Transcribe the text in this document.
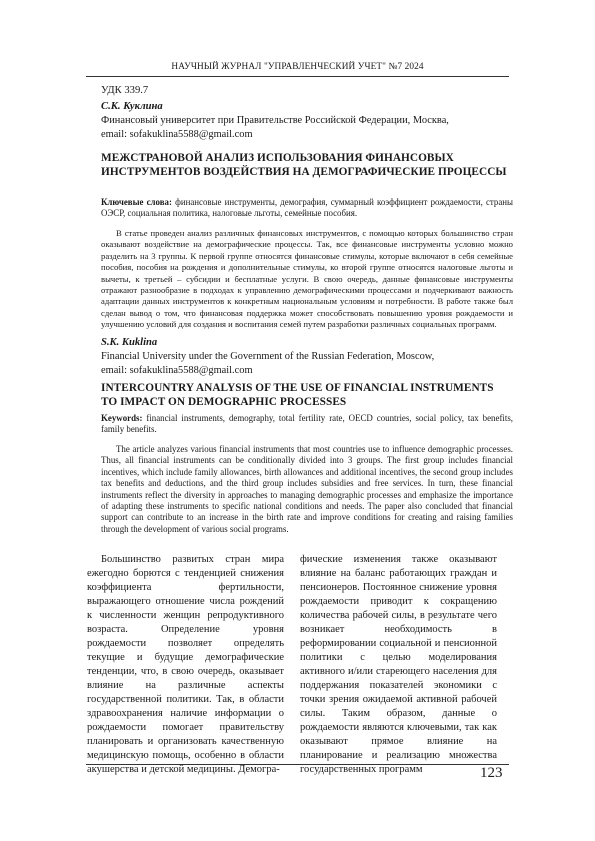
НАУЧНЫЙ ЖУРНАЛ "УПРАВЛЕНЧЕСКИЙ УЧЕТ" №7 2024
УДК 339.7
С.К. Куклина
Финансовый университет при Правительстве Российской Федерации, Москва,
email: sofakuklina5588@gmail.com
МЕЖСТРАНОВОЙ АНАЛИЗ ИСПОЛЬЗОВАНИЯ ФИНАНСОВЫХ ИНСТРУМЕНТОВ ВОЗДЕЙСТВИЯ НА ДЕМОГРАФИЧЕСКИЕ ПРОЦЕССЫ
Ключевые слова: финансовые инструменты, демография, суммарный коэффициент рождаемости, страны ОЭСР, социальная политика, налоговые льготы, семейные пособия.
В статье проведен анализ различных финансовых инструментов, с помощью которых большинство стран оказывают воздействие на демографические процессы. Так, все финансовые инструменты условно можно разделить на 3 группы. К первой группе относятся финансовые стимулы, которые включают в себя семейные пособия, пособия на рождения и дополнительные стимулы, ко второй группе относятся налоговые льготы и вычеты, к третьей – субсидии и бесплатные услуги. В свою очередь, данные финансовые инструменты отражают разнообразие в подходах к управлению демографическими процессами и подчеркивают важность адаптации данных инструментов к конкретным национальным условиям и потребности. В работе также был сделан вывод о том, что финансовая поддержка может способствовать повышению уровня рождаемости и улучшению условий для создания и воспитания семей путем разработки различных социальных программ.
S.K. Kuklina
Financial University under the Government of the Russian Federation, Moscow,
email: sofakuklina5588@gmail.com
INTERCOUNTRY ANALYSIS OF THE USE OF FINANCIAL INSTRUMENTS
TO IMPACT ON DEMOGRAPHIC PROCESSES
Keywords: financial instruments, demography, total fertility rate, OECD countries, social policy, tax benefits, family benefits.
The article analyzes various financial instruments that most countries use to influence demographic processes. Thus, all financial instruments can be conditionally divided into 3 groups. The first group includes financial incentives, which include family allowances, birth allowances and additional incentives, the second group includes tax benefits and deductions, and the third group includes subsidies and free services. In turn, these financial instruments reflect the diversity in approaches to managing demographic processes and emphasize the importance of adapting these instruments to specific national conditions and needs. The paper also concluded that financial support can contribute to an increase in the birth rate and improve conditions for creating and raising families through the development of various social programs.
Большинство развитых стран мира ежегодно борются с тенденцией снижения коэффициента фертильности, выражающего отношение числа рождений к численности женщин репродуктивного возраста. Определение уровня рождаемости позволяет определять текущие и будущие демографические тенденции, что, в свою очередь, оказывает влияние на различные аспекты государственной политики. Так, в области здравоохранения наличие информации о рождаемости помогает правительству планировать и организовать качественную медицинскую помощь, особенно в области акушерства и детской медицины. Демогра-
фические изменения также оказывают влияние на баланс работающих граждан и пенсионеров. Постоянное снижение уровня рождаемости приводит к сокращению количества рабочей силы, в результате чего возникает необходимость в реформировании социальной и пенсионной политики с целью моделирования активного и/или стареющего населения для поддержания показателей экономики с точки зрения ожидаемой активной рабочей силы. Таким образом, данные о рождаемости являются ключевыми, так как оказывают прямое влияние на планирование и реализацию множества государственных программ	123
